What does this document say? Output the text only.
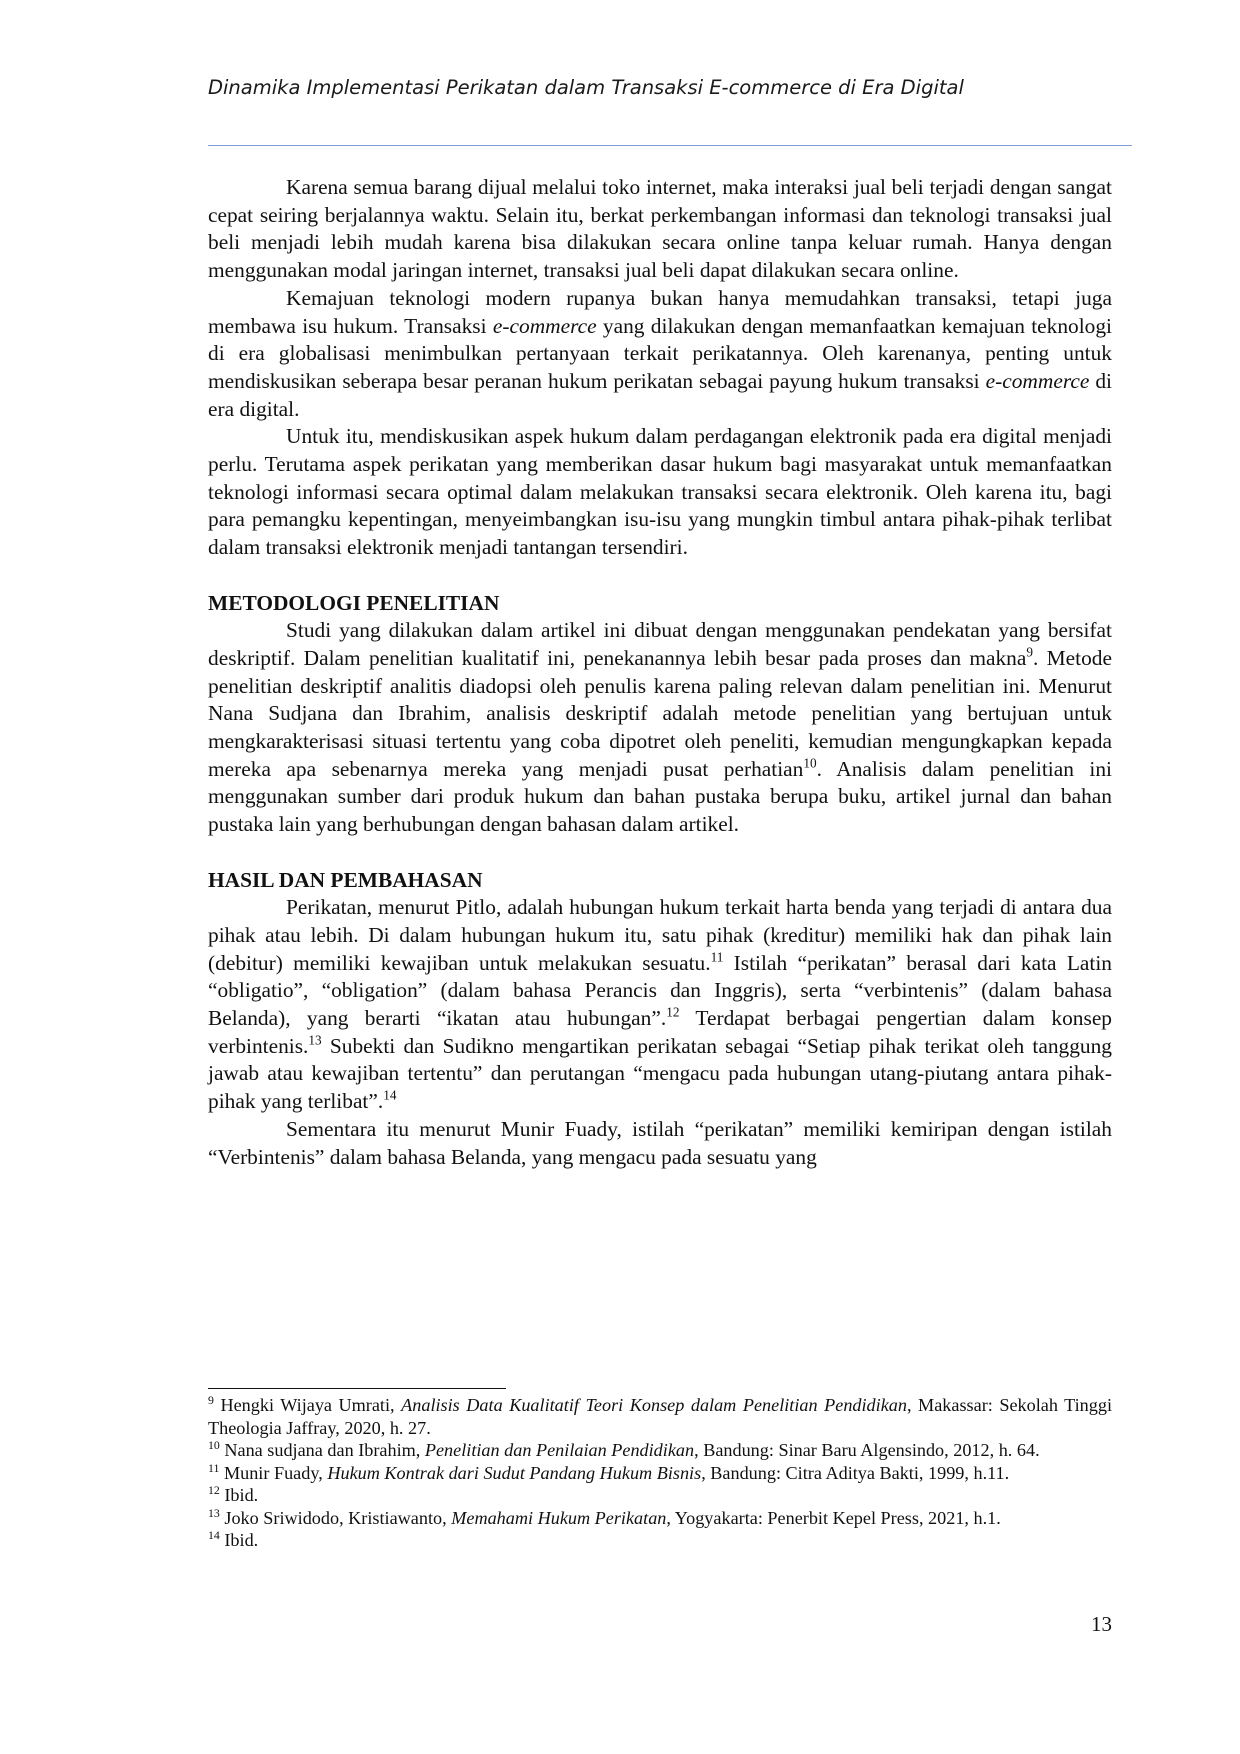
Dinamika Implementasi Perikatan dalam Transaksi E-commerce di Era Digital

Karena semua barang dijual melalui toko internet, maka interaksi jual beli terjadi dengan sangat cepat seiring berjalannya waktu. Selain itu, berkat perkembangan informasi dan teknologi transaksi jual beli menjadi lebih mudah karena bisa dilakukan secara online tanpa keluar rumah. Hanya dengan menggunakan modal jaringan internet, transaksi jual beli dapat dilakukan secara online.

Kemajuan teknologi modern rupanya bukan hanya memudahkan transaksi, tetapi juga membawa isu hukum. Transaksi e-commerce yang dilakukan dengan memanfaatkan kemajuan teknologi di era globalisasi menimbulkan pertanyaan terkait perikatannya. Oleh karenanya, penting untuk mendiskusikan seberapa besar peranan hukum perikatan sebagai payung hukum transaksi e-commerce di era digital.

Untuk itu, mendiskusikan aspek hukum dalam perdagangan elektronik pada era digital menjadi perlu. Terutama aspek perikatan yang memberikan dasar hukum bagi masyarakat untuk memanfaatkan teknologi informasi secara optimal dalam melakukan transaksi secara elektronik. Oleh karena itu, bagi para pemangku kepentingan, menyeimbangkan isu-isu yang mungkin timbul antara pihak-pihak terlibat dalam transaksi elektronik menjadi tantangan tersendiri.

METODOLOGI PENELITIAN

Studi yang dilakukan dalam artikel ini dibuat dengan menggunakan pendekatan yang bersifat deskriptif. Dalam penelitian kualitatif ini, penekanannya lebih besar pada proses dan makna$^9$. Metode penelitian deskriptif analitis diadopsi oleh penulis karena paling relevan dalam penelitian ini. Menurut Nana Sudjana dan Ibrahim, analisis deskriptif adalah metode penelitian yang bertujuan untuk mengkarakterisasi situasi tertentu yang coba dipotret oleh peneliti, kemudian mengungkapkan kepada mereka apa sebenarnya mereka yang menjadi pusat perhatian$^{10}$. Analisis dalam penelitian ini menggunakan sumber dari produk hukum dan bahan pustaka berupa buku, artikel jurnal dan bahan pustaka lain yang berhubungan dengan bahasan dalam artikel.

HASIL DAN PEMBAHASAN

Perikatan, menurut Pitlo, adalah hubungan hukum terkait harta benda yang terjadi di antara dua pihak atau lebih. Di dalam hubungan hukum itu, satu pihak (kreditur) memiliki hak dan pihak lain (debitur) memiliki kewajiban untuk melakukan sesuatu.$^{11}$ Istilah “perikatan” berasal dari kata Latin “obligatio”, “obligation” (dalam bahasa Perancis dan Inggris), serta “verbintenis” (dalam bahasa Belanda), yang berarti “ikatan atau hubungan”.$^{12}$ Terdapat berbagai pengertian dalam konsep verbintenis.$^{13}$ Subekti dan Sudikno mengartikan perikatan sebagai “Setiap pihak terikat oleh tanggung jawab atau kewajiban tertentu” dan perutangan “mengacu pada hubungan utang-piutang antara pihak-pihak yang terlibat”.$^{14}$

Sementara itu menurut Munir Fuady, istilah “perikatan” memiliki kemiripan dengan istilah “Verbintenis” dalam bahasa Belanda, yang mengacu pada sesuatu yang

$^9$ Hengki Wijaya Umrati, Analisis Data Kualitatif Teori Konsep dalam Penelitian Pendidikan, Makassar: Sekolah Tinggi Theologia Jaffray, 2020, h. 27.

$^{10}$ Nana sudjana dan Ibrahim, Penelitian dan Penilaian Pendidikan, Bandung: Sinar Baru Algensindo, 2012, h. 64.

$^{11}$ Munir Fuady, Hukum Kontrak dari Sudut Pandang Hukum Bisnis, Bandung: Citra Aditya Bakti, 1999, h.11.

$^{12}$ Ibid.

$^{13}$ Joko Sriwidodo, Kristiawanto, Memahami Hukum Perikatan, Yogyakarta: Penerbit Kepel Press, 2021, h.1.

$^{14}$ Ibid.

13
